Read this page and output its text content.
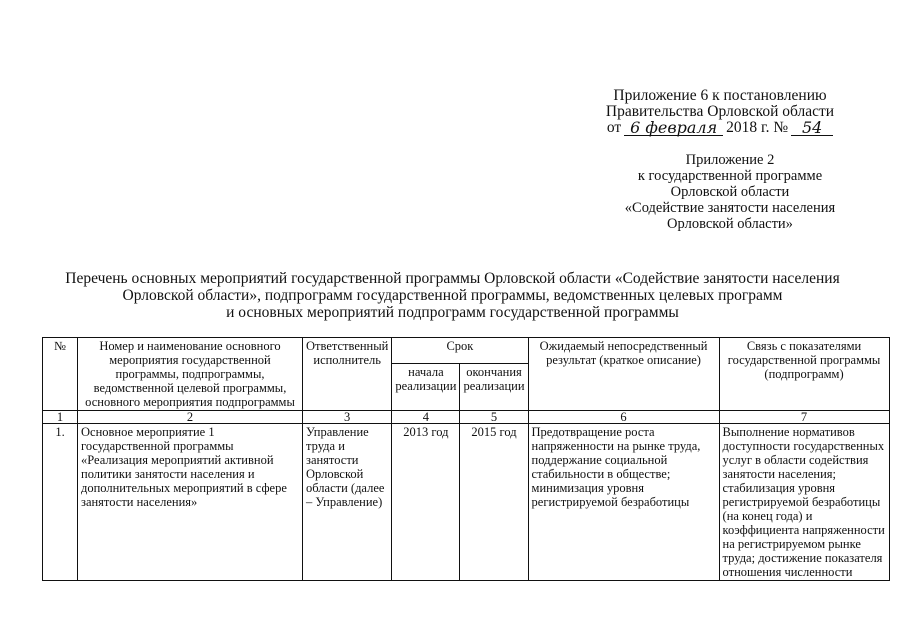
Приложение 6 к постановлению
Правительства Орловской области
от 6 февраля 2018 г. № 54
Приложение 2
к государственной программе
Орловской области
«Содействие занятости населения
Орловской области»
Перечень основных мероприятий государственной программы Орловской области «Содействие занятости населения
Орловской области», подпрограмм государственной программы, ведомственных целевых программ
и основных мероприятий подпрограмм государственной программы
№	Номер и наименование основного мероприятия государственной программы, подпрограммы, ведомственной целевой программы, основного мероприятия подпрограммы	Ответственный исполнитель	Срок		Ожидаемый непосредственный результат (краткое описание)	Связь с показателями государственной программы (подпрограмм)
			начала реализации	окончания реализации		
1	2	3	4	5	6	7
1.	Основное мероприятие 1 государственной программы «Реализация мероприятий активной политики занятости населения и дополнительных мероприятий в сфере занятости населения»	Управление труда и занятости Орловской области (далее – Управление)	2013 год	2015 год	Предотвращение роста напряженности на рынке труда, поддержание социальной стабильности в обществе; минимизация уровня регистрируемой безработицы	Выполнение нормативов доступности государственных услуг в области содействия занятости населения; стабилизация уровня регистрируемой безработицы (на конец года) и коэффициента напряженности на регистрируемом рынке труда; достижение показателя отношения численности
